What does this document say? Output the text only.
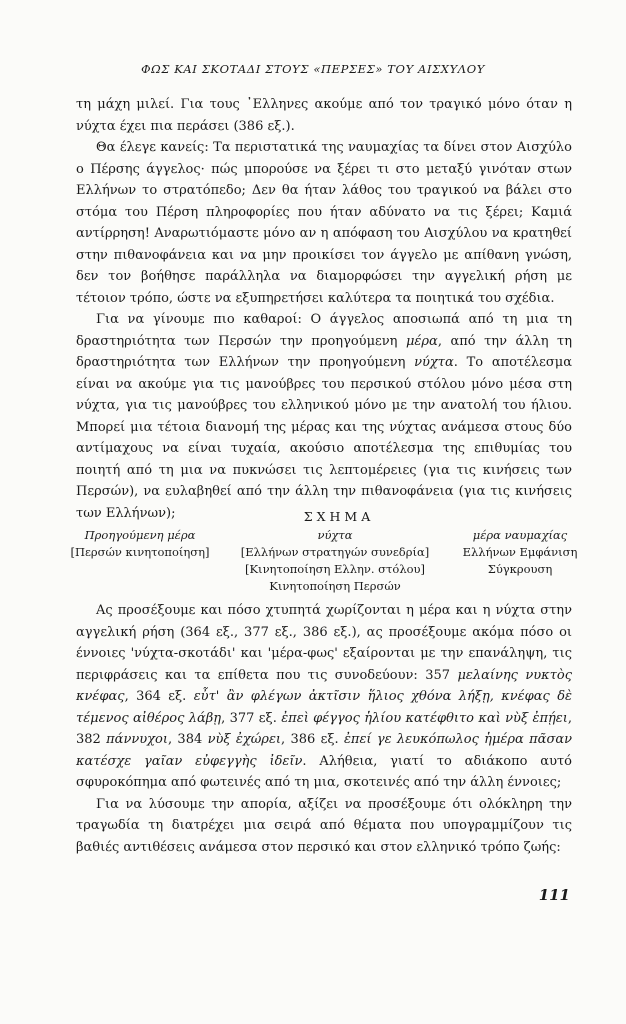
ΦΩΣ ΚΑΙ ΣΚΟΤΑΔΙ ΣΤΟΥΣ «ΠΕΡΣΕΣ» ΤΟΥ ΑΙΣΧΥΛΟΥ

τη μάχη μιλεί. Για τους ᾿Ελληνες ακούμε από τον τραγικό μόνο όταν η νύχτα έχει πια περάσει (386 εξ.).

Θα έλεγε κανείς: Τα περιστατικά της ναυμαχίας τα δίνει στον Αισχύλο ο Πέρσης άγγελος· πώς μπορούσε να ξέρει τι στο μεταξύ γινόταν στων Ελλήνων το στρατόπεδο; Δεν θα ήταν λάθος του τραγικού να βάλει στο στόμα του Πέρση πληροφορίες που ήταν αδύνατο να τις ξέρει; Καμιά αντίρρηση! Αναρωτιόμαστε μόνο αν η απόφαση του Αισχύλου να κρατηθεί στην πιθανοφάνεια και να μην προικίσει τον άγγελο με απίθανη γνώση, δεν τον βοήθησε παράλληλα να διαμορφώσει την αγγελική ρήση με τέτοιον τρόπο, ώστε να εξυπηρετήσει καλύτερα τα ποιητικά του σχέδια.

Για να γίνουμε πιο καθαροί: Ο άγγελος αποσιωπά από τη μια τη δραστηριότητα των Περσών την προηγούμενη μέρα, από την άλλη τη δραστηριότητα των Ελλήνων την προηγούμενη νύχτα. Το αποτέλεσμα είναι να ακούμε για τις μανούβρες του περσικού στόλου μόνο μέσα στη νύχτα, για τις μανούβρες του ελληνικού μόνο με την ανατολή του ήλιου. Μπορεί μια τέτοια διανομή της μέρας και της νύχτας ανάμεσα στους δύο αντίμαχους να είναι τυχαία, ακούσιο αποτέλεσμα της επιθυμίας του ποιητή από τη μια να πυκνώσει τις λεπτομέρειες (για τις κινήσεις των Περσών), να ευλαβηθεί από την άλλη την πιθανοφάνεια (για τις κινήσεις των Ελλήνων);	ΣΧΗΜΑ
Προηγούμενη μέρα
[Περσών κινητοποίηση]
νύχτα
[Ελλήνων στρατηγών συνεδρία]
[Κινητοποίηση Ελλην. στόλου]
Κινητοποίηση Περσών
μέρα ναυμαχίας
Ελλήνων Εμφάνιση
Σύγκρουση

Ας προσέξουμε και πόσο χτυπητά χωρίζονται η μέρα και η νύχτα στην αγγελική ρήση (364 εξ., 377 εξ., 386 εξ.), ας προσέξουμε ακόμα πόσο οι έννοιες 'νύχτα-σκοτάδι' και 'μέρα-φως' εξαίρονται με την επανάληψη, τις περιφράσεις και τα επίθετα που τις συνοδεύουν: 357 μελαίνης νυκτὸς κνέφας, 364 εξ. εὖτ' ἂν φλέγων ἀκτῖσιν ἥλιος χθόνα λήξῃ, κνέφας δὲ τέμενος αἰθέρος λάβῃ, 377 εξ. ἐπεὶ φέγγος ἡλίου κατέφθιτο καὶ νὺξ ἐπῄει, 382 πάννυχοι, 384 νὺξ ἐχώρει, 386 εξ. ἐπεί γε λευκόπωλος ἡμέρα πᾶσαν κατέσχε γαῖαν εὐφεγγὴς ἰδεῖν. Αλήθεια, γιατί το αδιάκοπο αυτό σφυροκόπημα από φωτεινές από τη μια, σκοτεινές από την άλλη έννοιες;

Για να λύσουμε την απορία, αξίζει να προσέξουμε ότι ολόκληρη την τραγωδία τη διατρέχει μια σειρά από θέματα που υπογραμμίζουν τις βαθιές αντιθέσεις ανάμεσα στον περσικό και στον ελληνικό τρόπο ζωής:

111
